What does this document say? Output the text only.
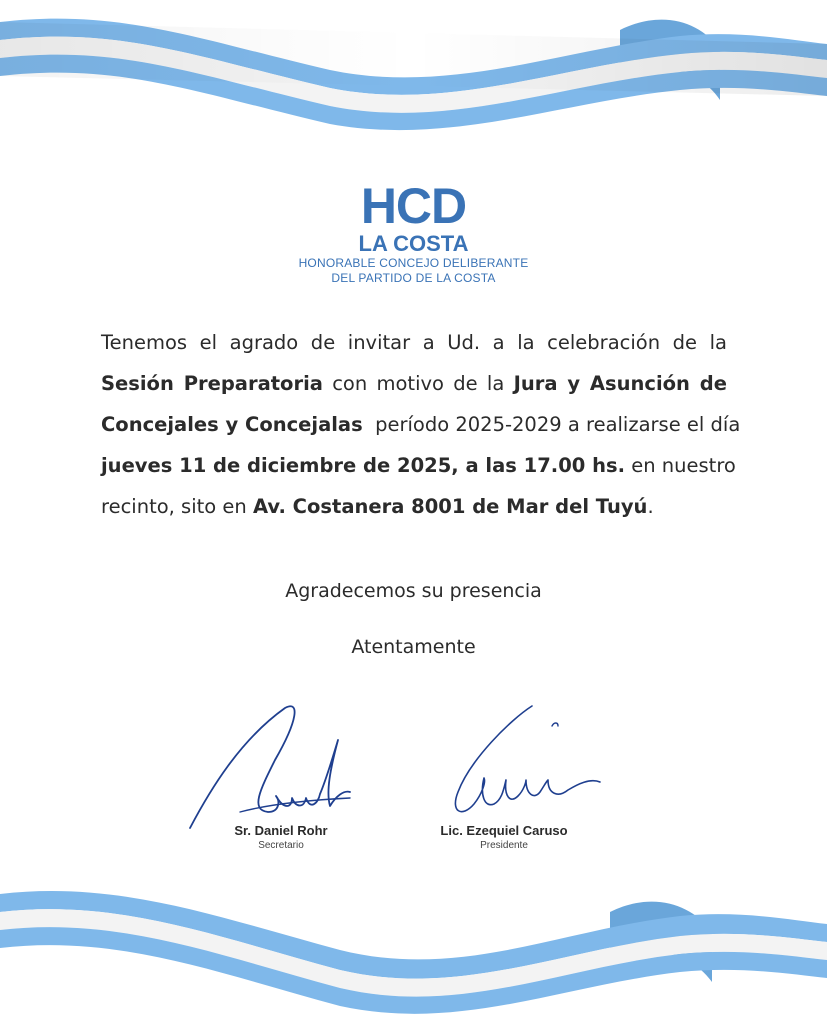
HCD
LA COSTA
HONORABLE CONCEJO DELIBERANTE
DEL PARTIDO DE LA COSTA
Tenemos el agrado de invitar a Ud. a la celebración de la
Sesión Preparatoria con motivo de la Jura y Asunción de
Concejales y Concejalas  período 2025-2029 a realizarse el día
jueves 11 de diciembre de 2025, a las 17.00 hs. en nuestro
recinto, sito en Av. Costanera 8001 de Mar del Tuyú.
Agradecemos su presencia
Atentamente
Sr. Daniel Rohr
Secretario
Lic. Ezequiel Caruso
Presidente
